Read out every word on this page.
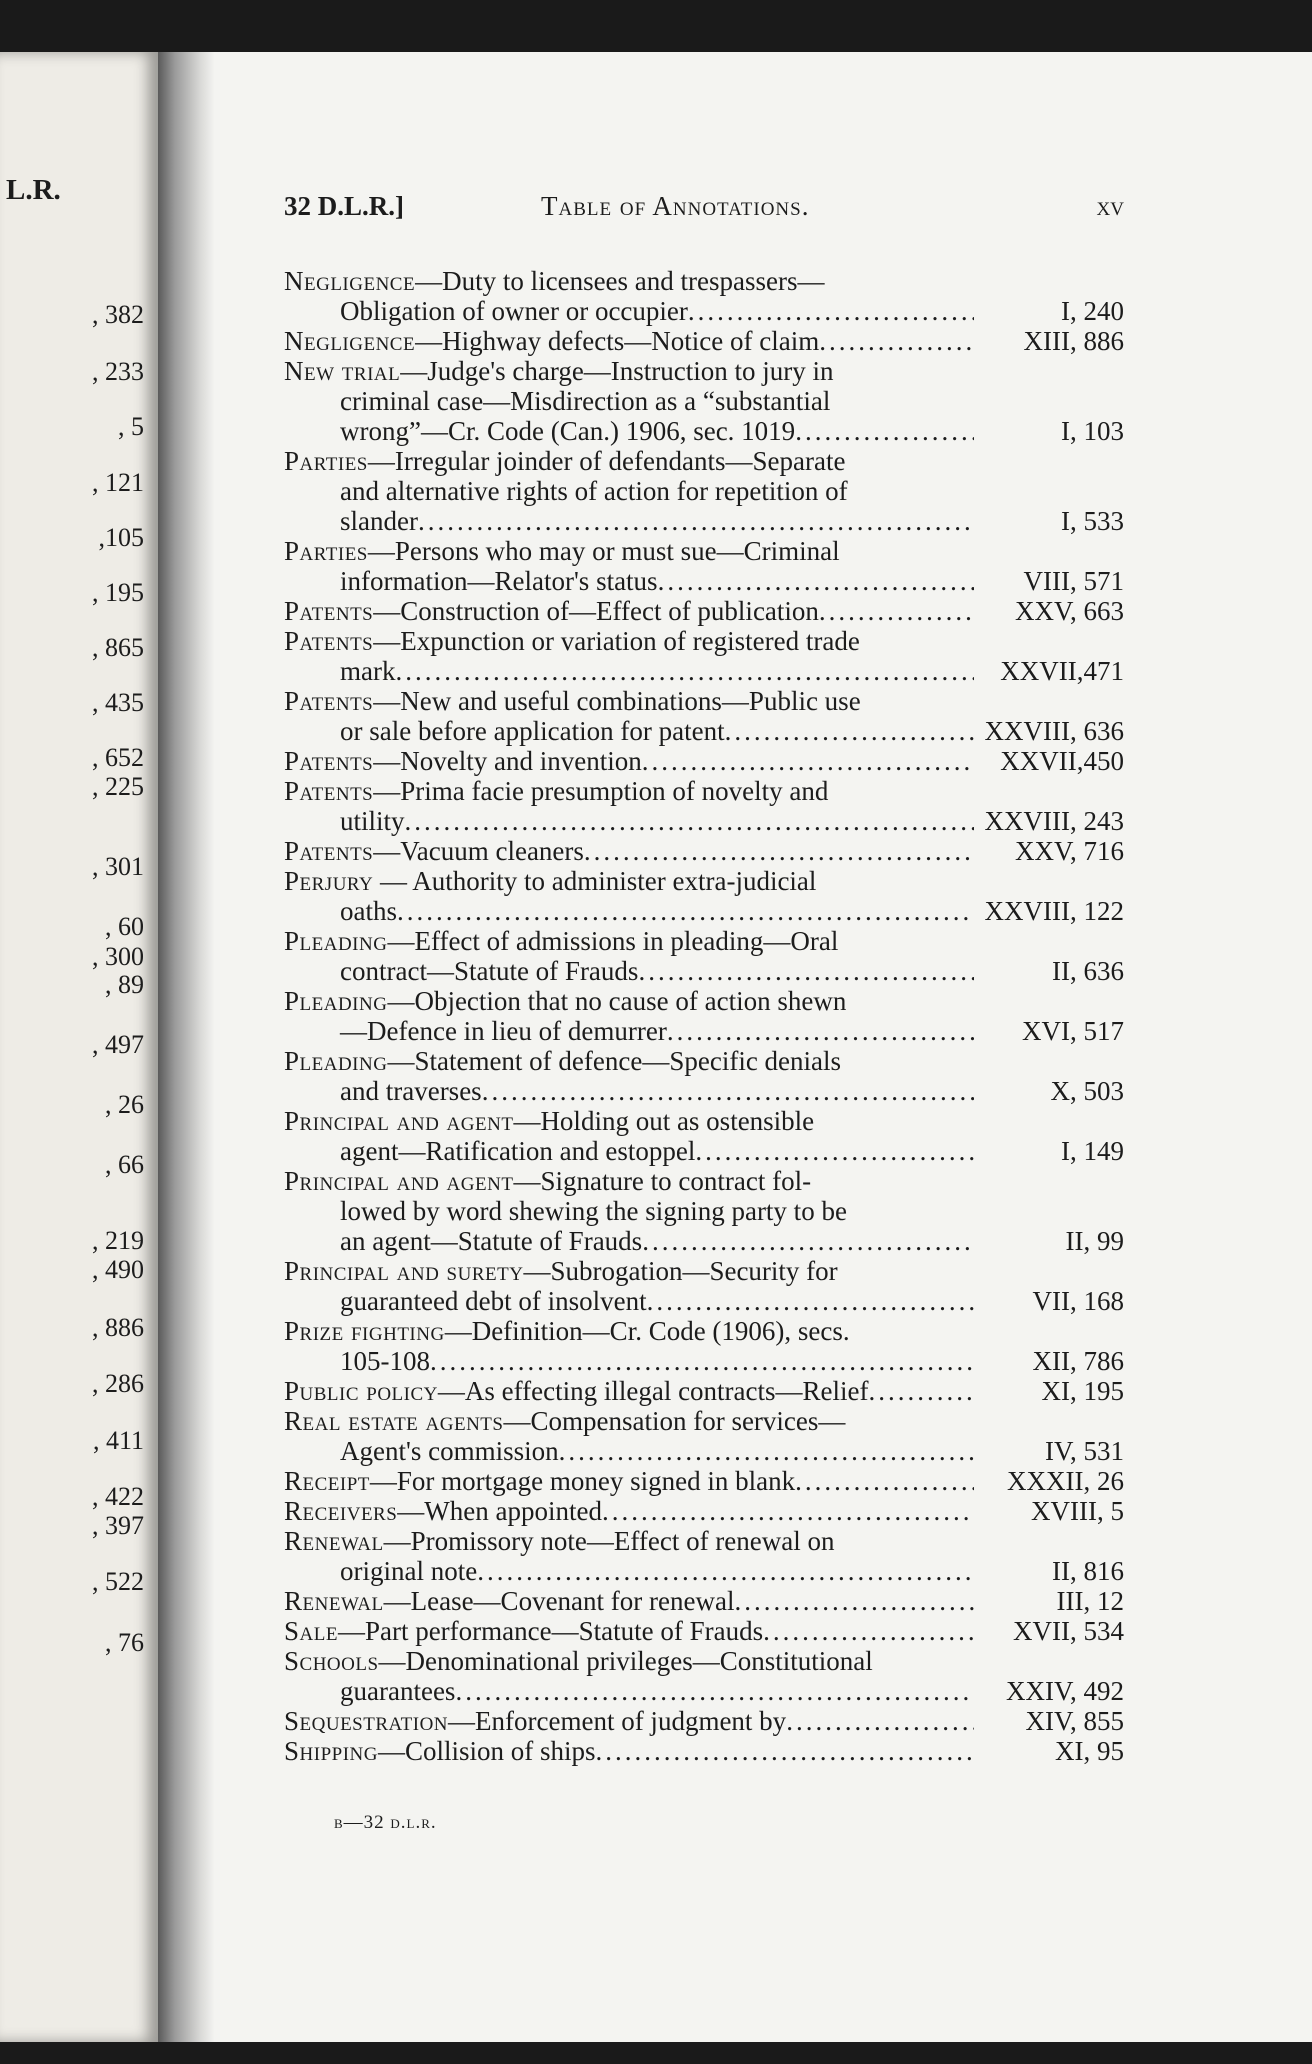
L.R.
, 382
, 233
, 5
, 121
,105
, 195
, 865
, 435
, 652
, 225
, 301
, 60
, 300
, 89
, 497
, 26
, 66
, 219
, 490
, 886
, 286
, 411
, 422
, 397
, 522
, 76
32 D.L.R.]	Table of Annotations.	xv
Negligence—Duty to licensees and trespassers—
Obligation of owner or occupier .....	I, 240
Negligence—Highway defects—Notice of claim .....	XIII, 886
New trial—Judge's charge—Instruction to jury in
criminal case—Misdirection as a “substantial
wrong”—Cr. Code (Can.) 1906, sec. 1019 .....	I, 103
Parties—Irregular joinder of defendants—Separate
and alternative rights of action for repetition of
slander .....	I, 533
Parties—Persons who may or must sue—Criminal
information—Relator's status .....	VIII, 571
Patents—Construction of—Effect of publication .....	XXV, 663
Patents—Expunction or variation of registered trade
mark .....	XXVII,471
Patents—New and useful combinations—Public use
or sale before application for patent .....	XXVIII, 636
Patents—Novelty and invention .....	XXVII,450
Patents—Prima facie presumption of novelty and
utility .....	XXVIII, 243
Patents—Vacuum cleaners .....	XXV, 716
Perjury — Authority to administer extra-judicial
oaths .....	XXVIII, 122
Pleading—Effect of admissions in pleading—Oral
contract—Statute of Frauds .....	II, 636
Pleading—Objection that no cause of action shewn
—Defence in lieu of demurrer .....	XVI, 517
Pleading—Statement of defence—Specific denials
and traverses .....	X, 503
Principal and agent—Holding out as ostensible
agent—Ratification and estoppel .....	I, 149
Principal and agent—Signature to contract fol-
lowed by word shewing the signing party to be
an agent—Statute of Frauds .....	II, 99
Principal and surety—Subrogation—Security for
guaranteed debt of insolvent .....	VII, 168
Prize fighting—Definition—Cr. Code (1906), secs.
105-108 .....	XII, 786
Public policy—As effecting illegal contracts—Relief .....	XI, 195
Real estate agents—Compensation for services—
Agent's commission .....	IV, 531
Receipt—For mortgage money signed in blank .....	XXXII, 26
Receivers—When appointed .....	XVIII, 5
Renewal—Promissory note—Effect of renewal on
original note .....	II, 816
Renewal—Lease—Covenant for renewal .....	III, 12
Sale—Part performance—Statute of Frauds .....	XVII, 534
Schools—Denominational privileges—Constitutional
guarantees .....	XXIV, 492
Sequestration—Enforcement of judgment by .....	XIV, 855
Shipping—Collision of ships .....	XI, 95
b—32 d.l.r.
